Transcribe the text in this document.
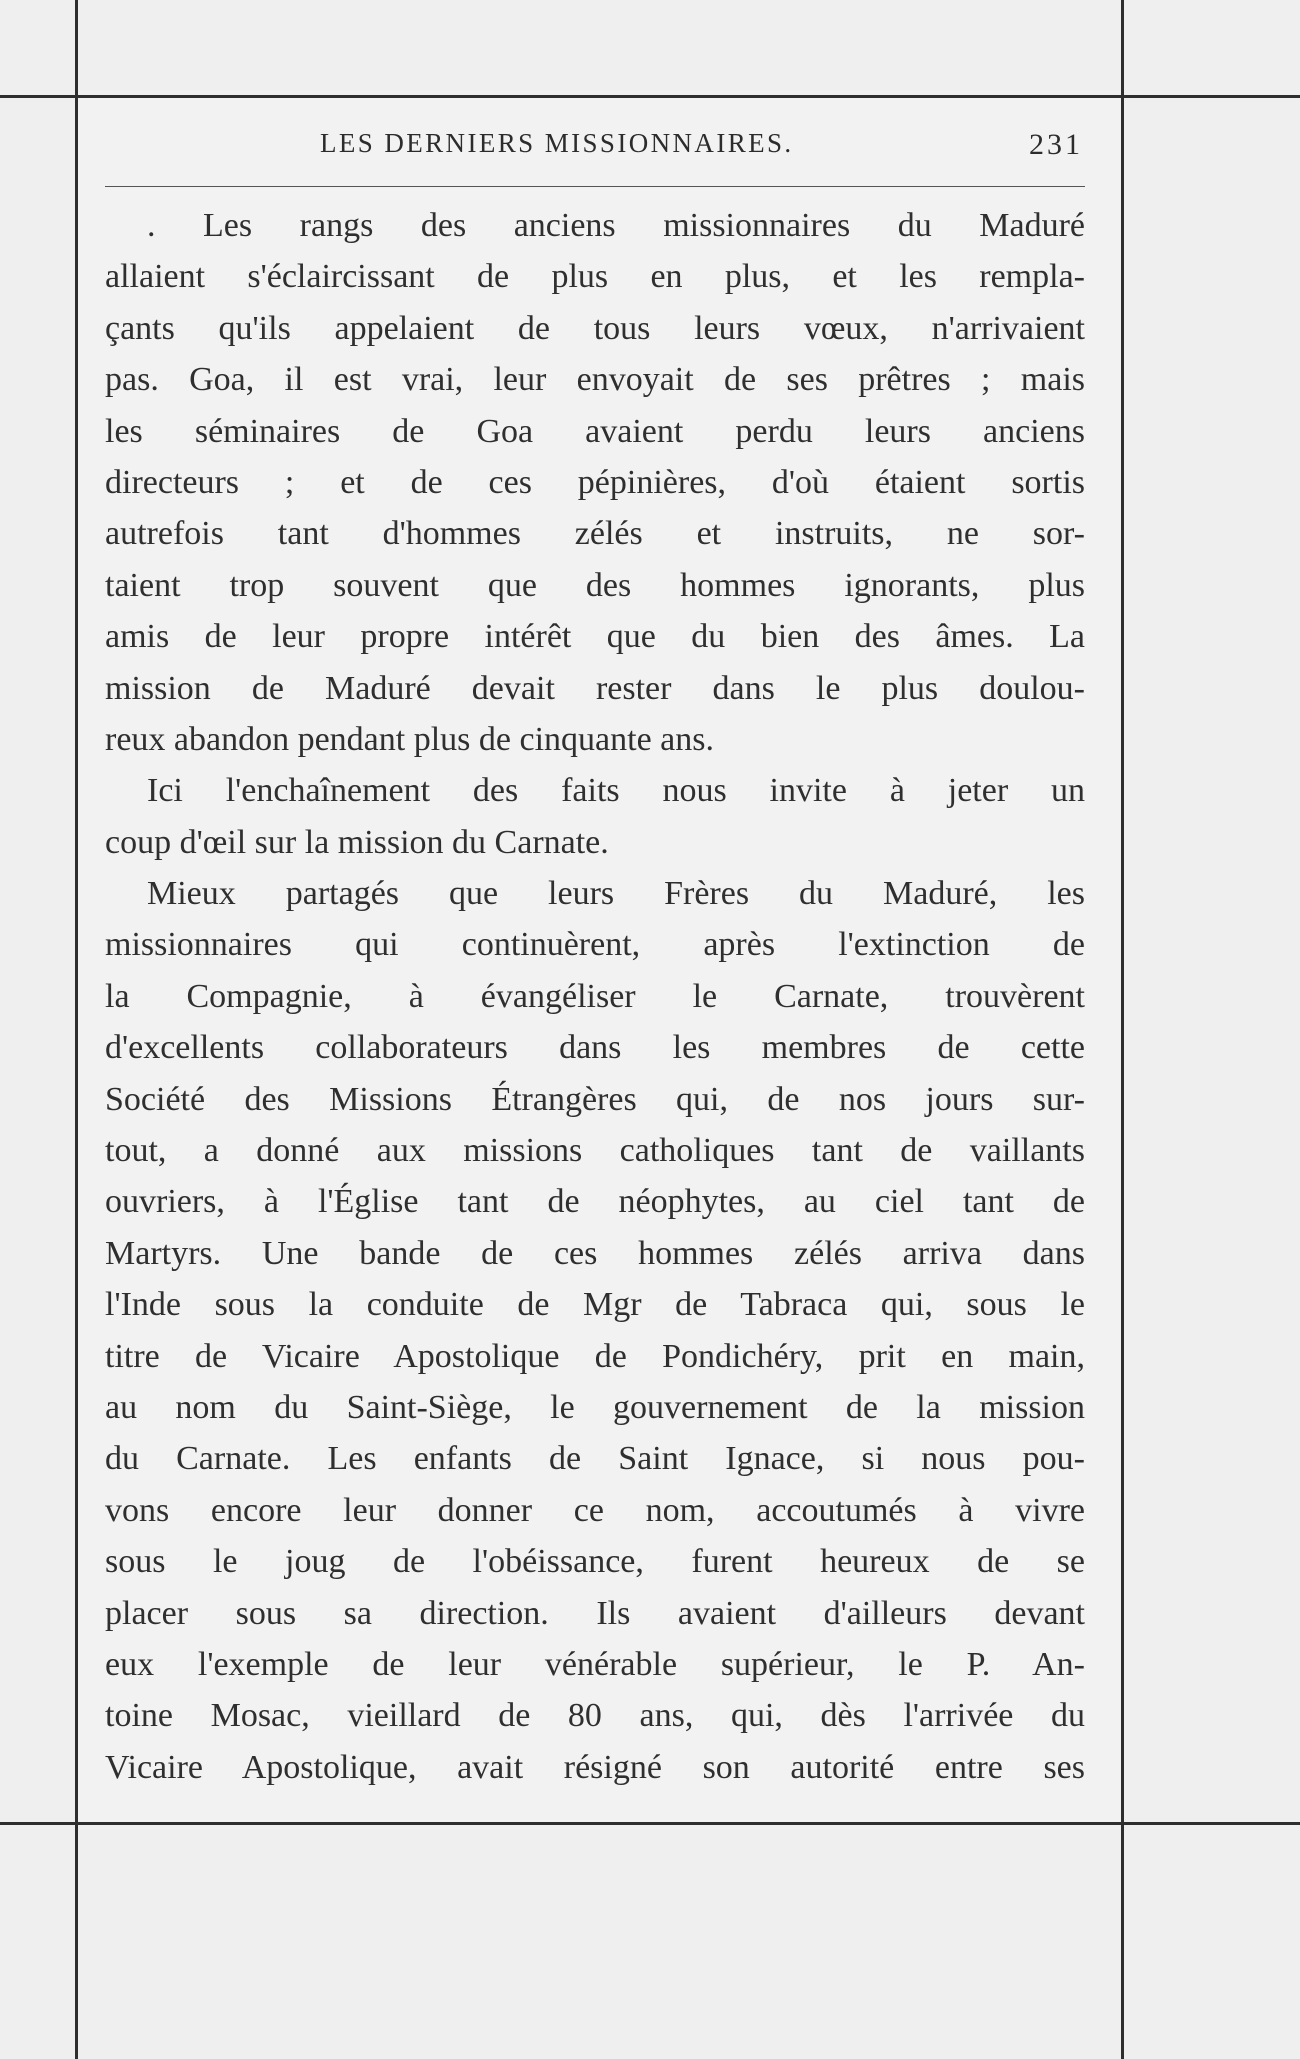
LES DERNIERS MISSIONNAIRES.	231
. Les rangs des anciens missionnaires du Maduré
allaient s'éclaircissant de plus en plus, et les rempla-
çants qu'ils appelaient de tous leurs vœux, n'arrivaient
pas. Goa, il est vrai, leur envoyait de ses prêtres ; mais
les séminaires de Goa avaient perdu leurs anciens
directeurs ; et de ces pépinières, d'où étaient sortis
autrefois tant d'hommes zélés et instruits, ne sor-
taient trop souvent que des hommes ignorants, plus
amis de leur propre intérêt que du bien des âmes. La
mission de Maduré devait rester dans le plus doulou-
reux abandon pendant plus de cinquante ans.
Ici l'enchaînement des faits nous invite à jeter un
coup d'œil sur la mission du Carnate.
Mieux partagés que leurs Frères du Maduré, les
missionnaires qui continuèrent, après l'extinction de
la Compagnie, à évangéliser le Carnate, trouvèrent
d'excellents collaborateurs dans les membres de cette
Société des Missions Étrangères qui, de nos jours sur-
tout, a donné aux missions catholiques tant de vaillants
ouvriers, à l'Église tant de néophytes, au ciel tant de
Martyrs. Une bande de ces hommes zélés arriva dans
l'Inde sous la conduite de Mgr de Tabraca qui, sous le
titre de Vicaire Apostolique de Pondichéry, prit en main,
au nom du Saint-Siège, le gouvernement de la mission
du Carnate. Les enfants de Saint Ignace, si nous pou-
vons encore leur donner ce nom, accoutumés à vivre
sous le joug de l'obéissance, furent heureux de se
placer sous sa direction. Ils avaient d'ailleurs devant
eux l'exemple de leur vénérable supérieur, le P. An-
toine Mosac, vieillard de 80 ans, qui, dès l'arrivée du
Vicaire Apostolique, avait résigné son autorité entre ses
